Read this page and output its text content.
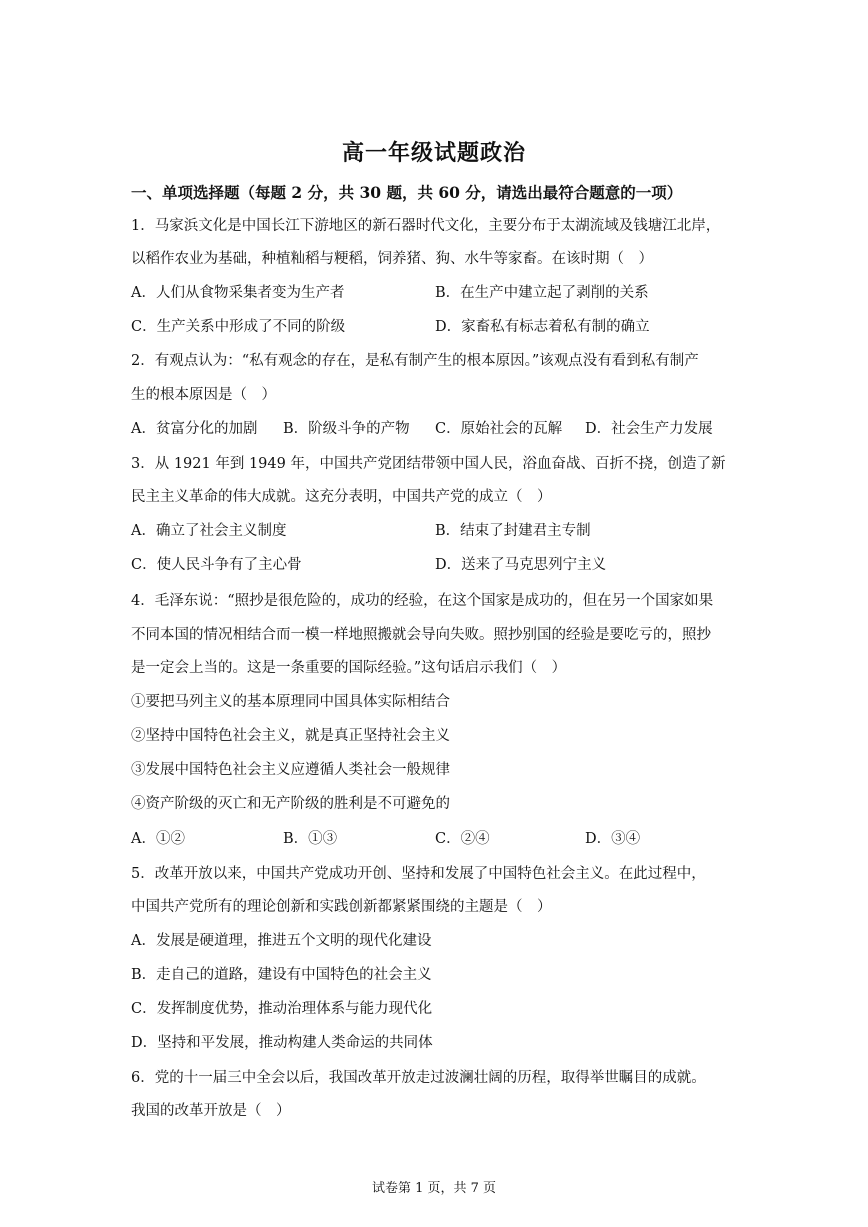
高一年级试题政治
一、单项选择题（每题 2 分，共 30 题，共 60 分，请选出最符合题意的一项）
1．马家浜文化是中国长江下游地区的新石器时代文化，主要分布于太湖流域及钱塘江北岸，
以稻作农业为基础，种植籼稻与粳稻，饲养猪、狗、水牛等家畜。在该时期（　）
A．人们从食物采集者变为生产者	B．在生产中建立起了剥削的关系
C．生产关系中形成了不同的阶级	D．家畜私有标志着私有制的确立
2．有观点认为：“私有观念的存在，是私有制产生的根本原因。”该观点没有看到私有制产
生的根本原因是（　）
A．贫富分化的加剧 B．阶级斗争的产物 C．原始社会的瓦解 D．社会生产力发展
3．从 1921 年到 1949 年，中国共产党团结带领中国人民，浴血奋战、百折不挠，创造了新
民主主义革命的伟大成就。这充分表明，中国共产党的成立（　）
A．确立了社会主义制度	B．结束了封建君主专制
C．使人民斗争有了主心骨	D．送来了马克思列宁主义
4．毛泽东说：“照抄是很危险的，成功的经验，在这个国家是成功的，但在另一个国家如果
不同本国的情况相结合而一模一样地照搬就会导向失败。照抄别国的经验是要吃亏的，照抄
是一定会上当的。这是一条重要的国际经验。”这句话启示我们（　）
①要把马列主义的基本原理同中国具体实际相结合
②坚持中国特色社会主义，就是真正坚持社会主义
③发展中国特色社会主义应遵循人类社会一般规律
④资产阶级的灭亡和无产阶级的胜利是不可避免的
A．①②	B．①③	C．②④	D．③④
5．改革开放以来，中国共产党成功开创、坚持和发展了中国特色社会主义。在此过程中，
中国共产党所有的理论创新和实践创新都紧紧围绕的主题是（　）
A．发展是硬道理，推进五个文明的现代化建设
B．走自己的道路，建设有中国特色的社会主义
C．发挥制度优势，推动治理体系与能力现代化
D．坚持和平发展，推动构建人类命运的共同体
6．党的十一届三中全会以后，我国改革开放走过波澜壮阔的历程，取得举世瞩目的成就。
我国的改革开放是（　）
试卷第 1 页，共 7 页
